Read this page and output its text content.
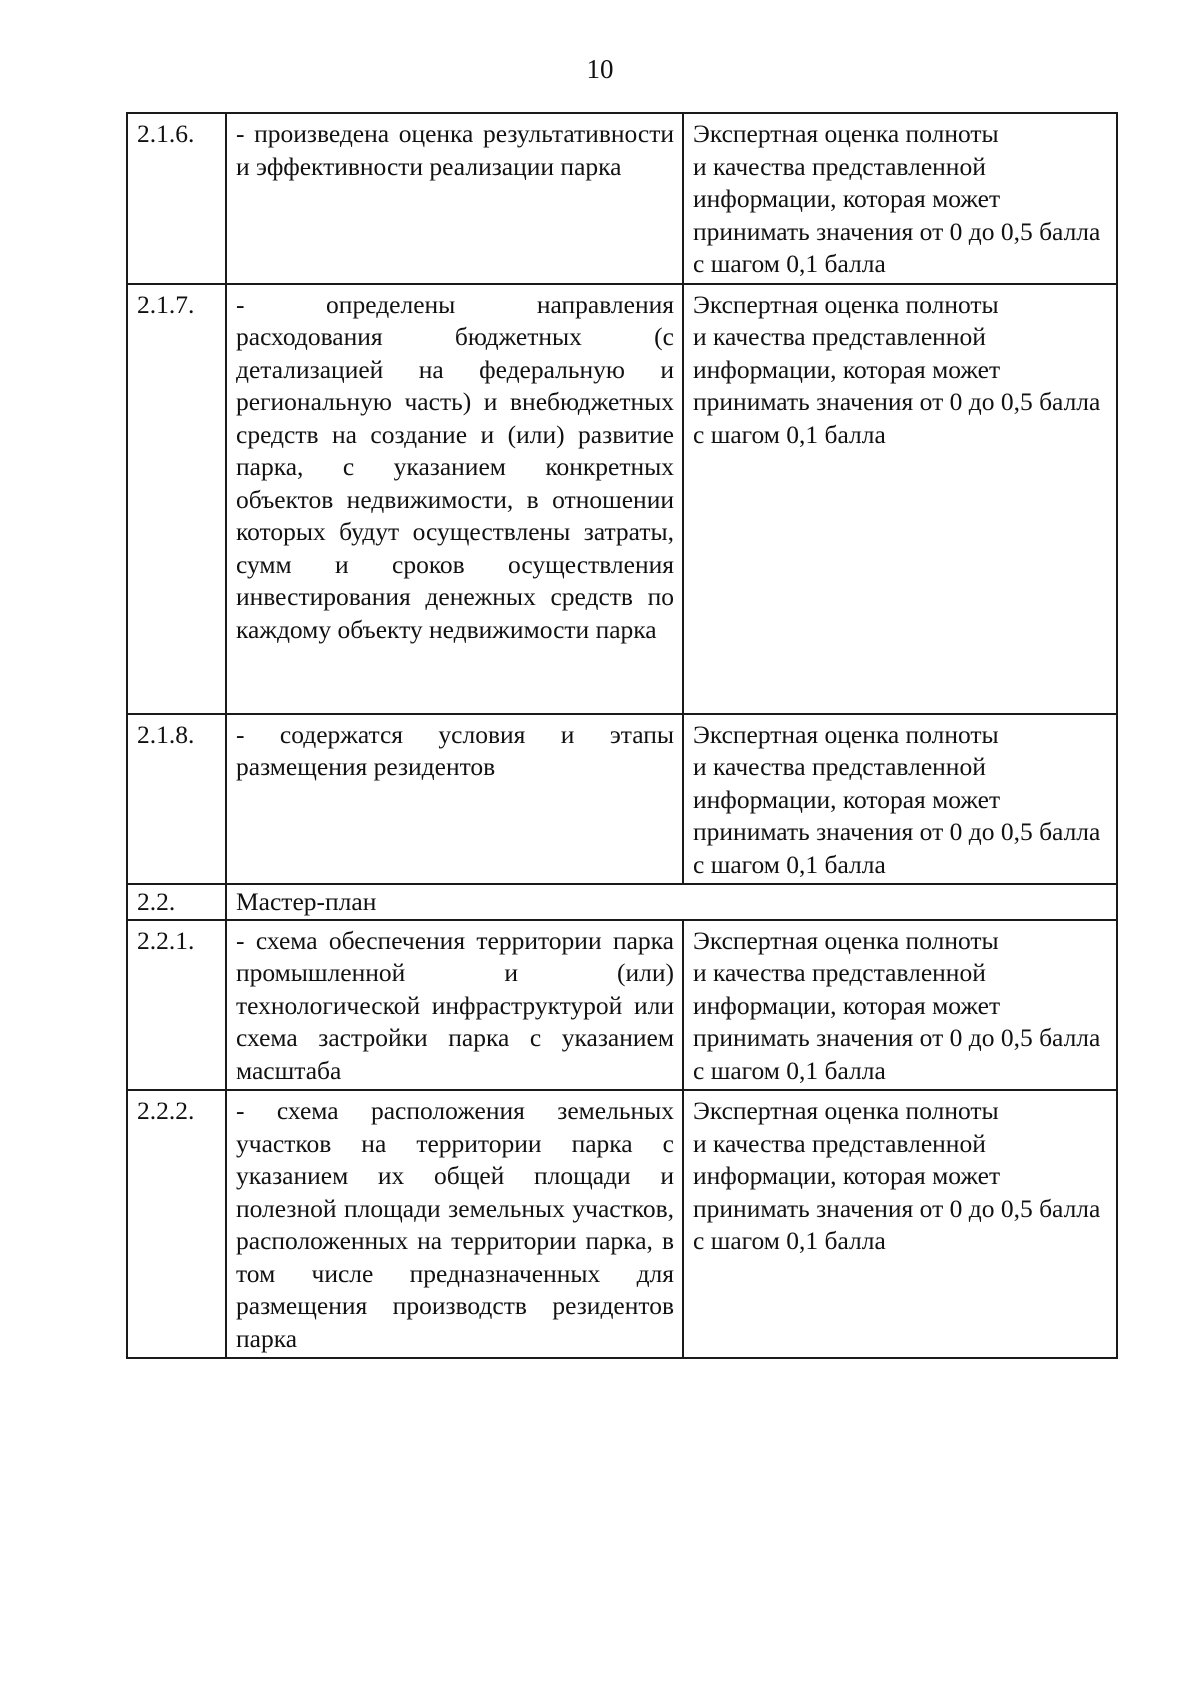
10
2.1.6.	- произведена оценка результативности и эффективности реализации парка	Экспертная оценка полноты
и качества представленной информации, которая может принимать значения от 0 до 0,5 балла с шагом 0,1 балла
2.1.7.	- определены направления расходования бюджетных (с детализацией на федеральную и региональную часть) и внебюджетных средств на создание и (или) развитие парка, с указанием конкретных объектов недвижимости, в отношении которых будут осуществлены затраты, сумм и сроков осуществления инвестирования денежных средств по каждому объекту недвижимости парка	Экспертная оценка полноты
и качества представленной информации, которая может принимать значения от 0 до 0,5 балла с шагом 0,1 балла
2.1.8.	- содержатся условия и этапы размещения резидентов	Экспертная оценка полноты
и качества представленной информации, которая может принимать значения от 0 до 0,5 балла с шагом 0,1 балла
2.2.	Мастер-план	
2.2.1.	- схема обеспечения территории парка промышленной и (или) технологической инфраструктурой или схема застройки парка с указанием масштаба	Экспертная оценка полноты
и качества представленной информации, которая может принимать значения от 0 до 0,5 балла с шагом 0,1 балла
2.2.2.	- схема расположения земельных участков на территории парка с указанием их общей площади и полезной площади земельных участков, расположенных на территории парка, в том числе предназначенных для размещения производств резидентов парка	Экспертная оценка полноты
и качества представленной информации, которая может принимать значения от 0 до 0,5 балла с шагом 0,1 балла
